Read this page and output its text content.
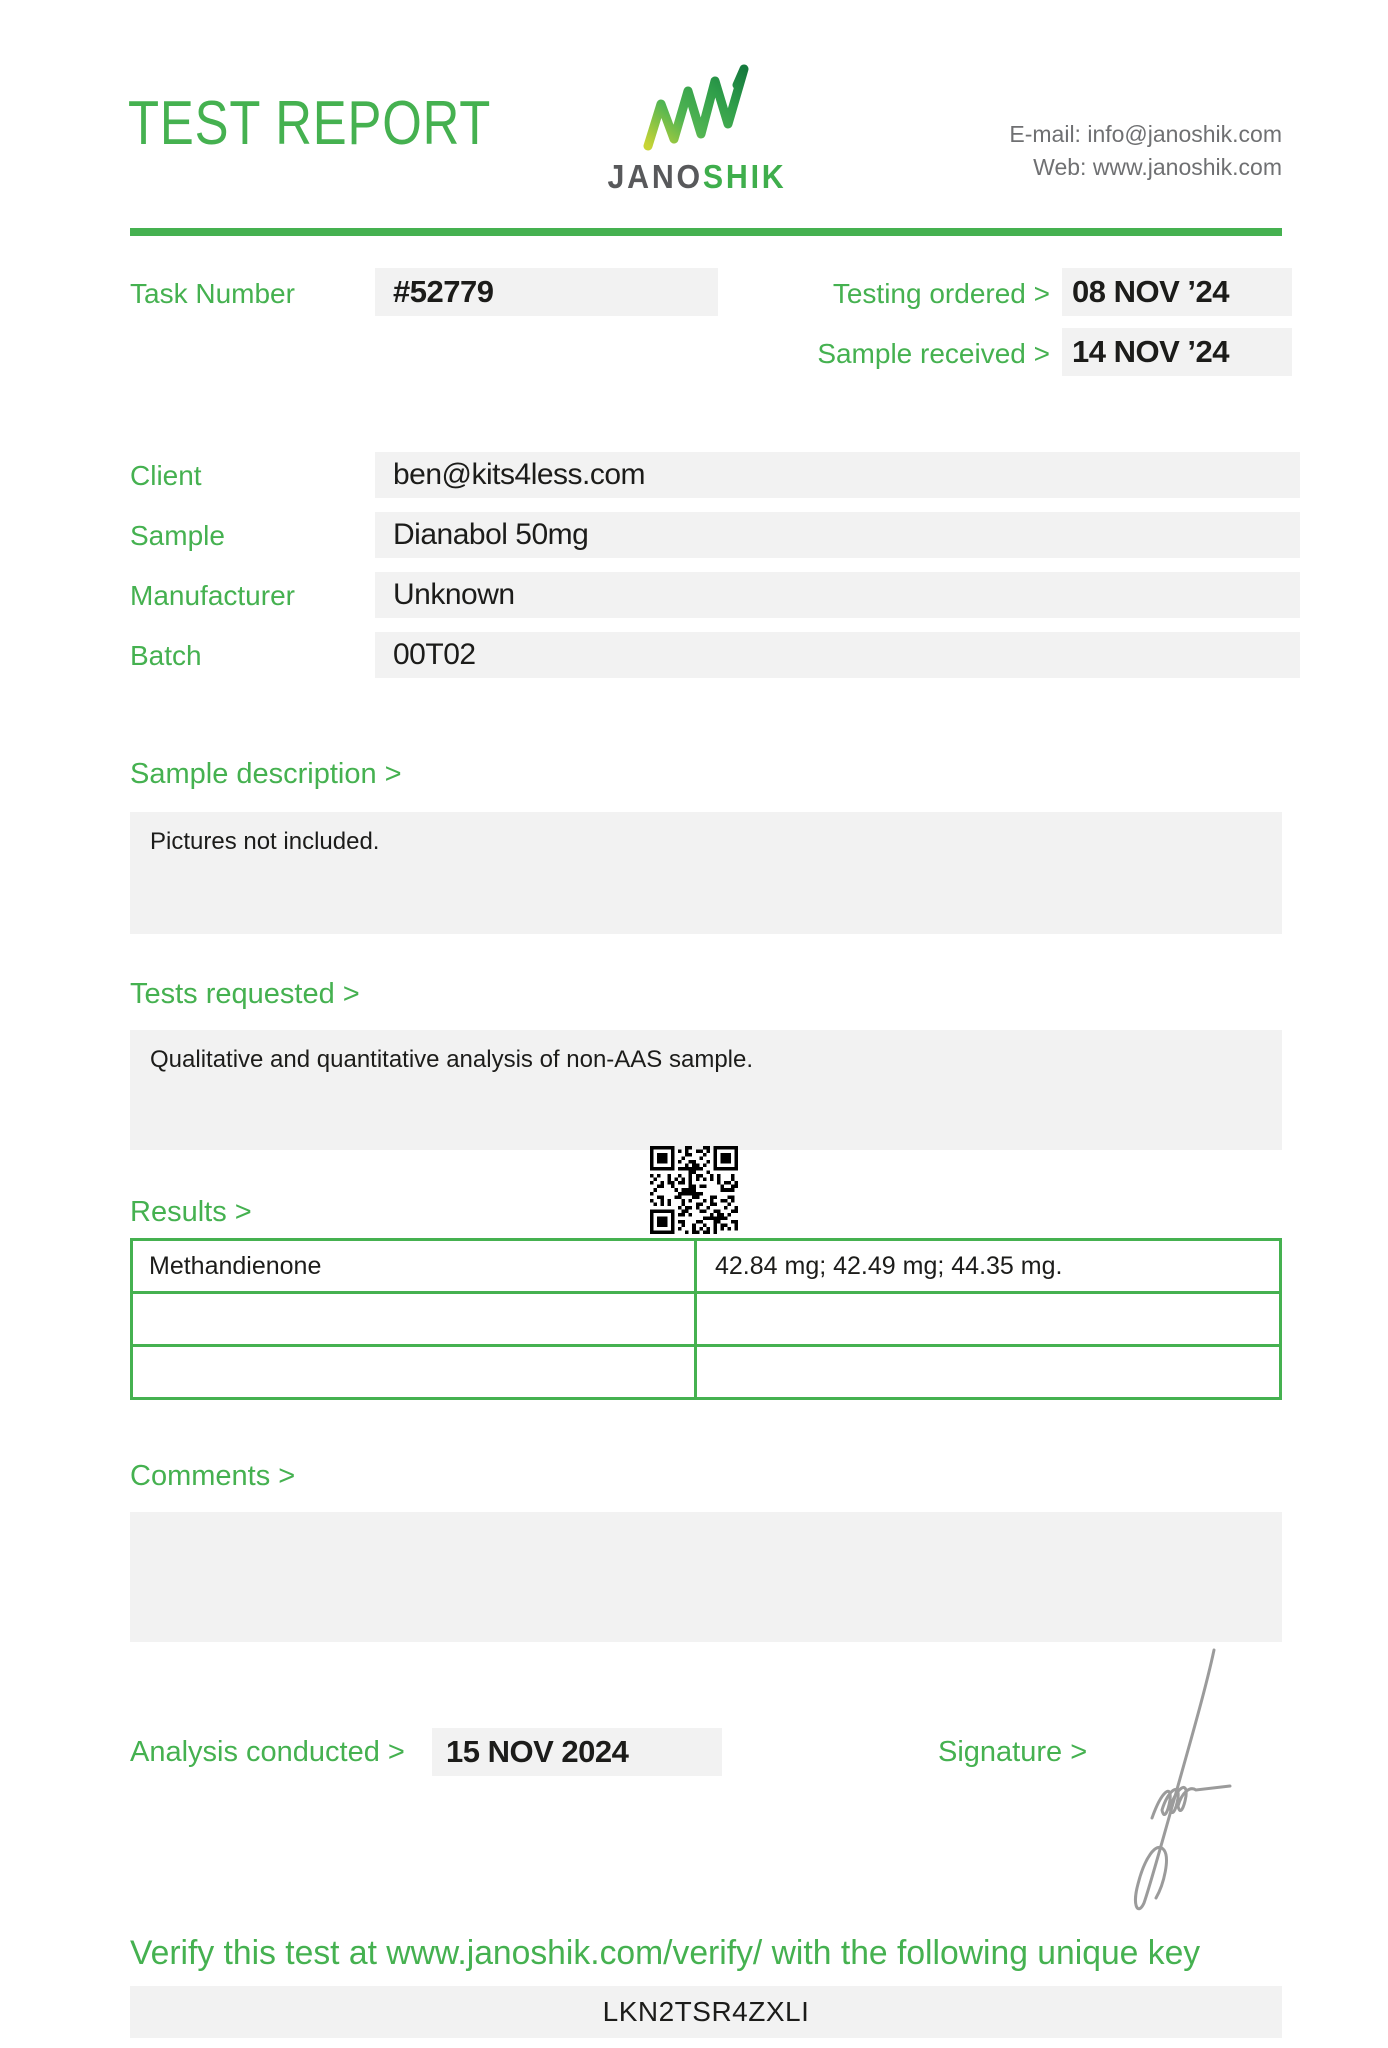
TEST REPORT
JANOSHIK
E-mail: info@janoshik.com
Web: www.janoshik.com
Task Number	#52779	Testing ordered > 08 NOV ’24
Sample received > 14 NOV ’24
Client	ben@kits4less.com
Sample	Dianabol 50mg
Manufacturer	Unknown
Batch	00T02
Sample description >
Pictures not included.
Tests requested >
Qualitative and quantitative analysis of non-AAS sample.
Results >
Methandienone	42.84 mg; 42.49 mg; 44.35 mg.
Comments >
Analysis conducted > 15 NOV 2024	Signature >
Verify this test at www.janoshik.com/verify/ with the following unique key
LKN2TSR4ZXLI
